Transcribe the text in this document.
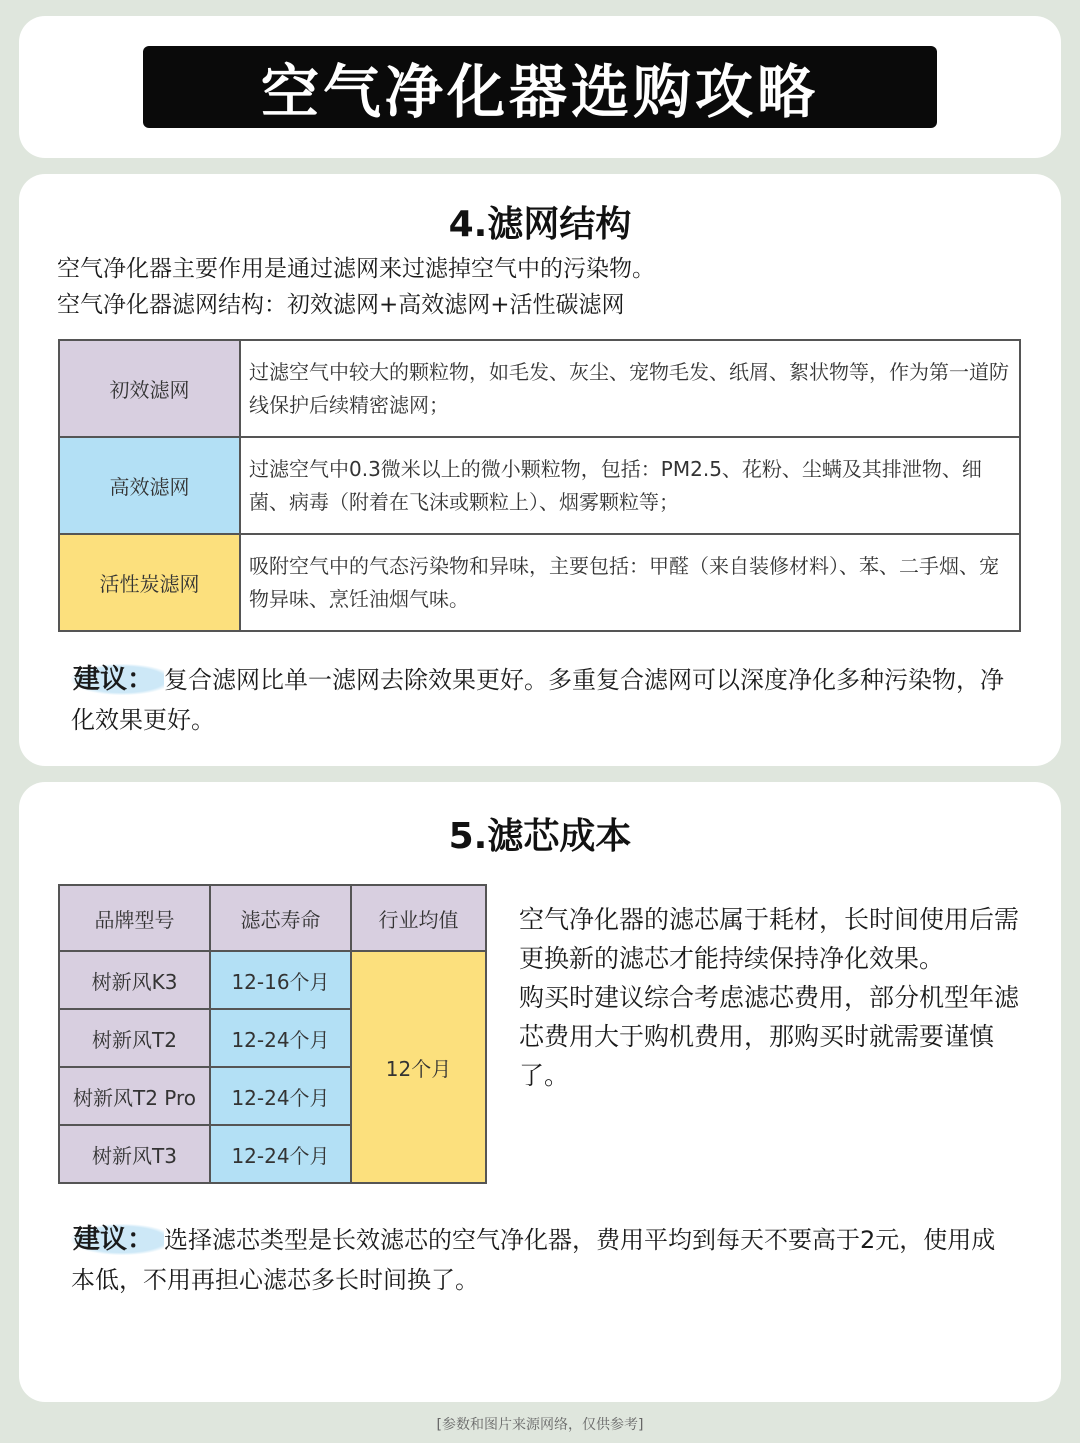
空气净化器选购攻略
4.滤网结构
空气净化器主要作用是通过滤网来过滤掉空气中的污染物。
空气净化器滤网结构：初效滤网+高效滤网+活性碳滤网
初效滤网	过滤空气中较大的颗粒物，如毛发、灰尘、宠物毛发、纸屑、絮状物等，作为第一道防线保护后续精密滤网；
高效滤网	过滤空气中0.3微米以上的微小颗粒物，包括：PM2.5、花粉、尘螨及其排泄物、细菌、病毒（附着在飞沫或颗粒上）、烟雾颗粒等；
活性炭滤网	吸附空气中的气态污染物和异味，主要包括：甲醛（来自装修材料）、苯、二手烟、宠物异味、烹饪油烟气味。
建议： 复合滤网比单一滤网去除效果更好。多重复合滤网可以深度净化多种污染物，净化效果更好。
5.滤芯成本
品牌型号	滤芯寿命	行业均值
树新风K3	12-16个月	12个月
树新风T2	12-24个月	
树新风T2 Pro	12-24个月	
树新风T3	12-24个月	
空气净化器的滤芯属于耗材，长时间使用后需更换新的滤芯才能持续保持净化效果。
购买时建议综合考虑滤芯费用，部分机型年滤芯费用大于购机费用，那购买时就需要谨慎了。
建议： 选择滤芯类型是长效滤芯的空气净化器，费用平均到每天不要高于2元，使用成本低，不用再担心滤芯多长时间换了。
[参数和图片来源网络，仅供参考]
